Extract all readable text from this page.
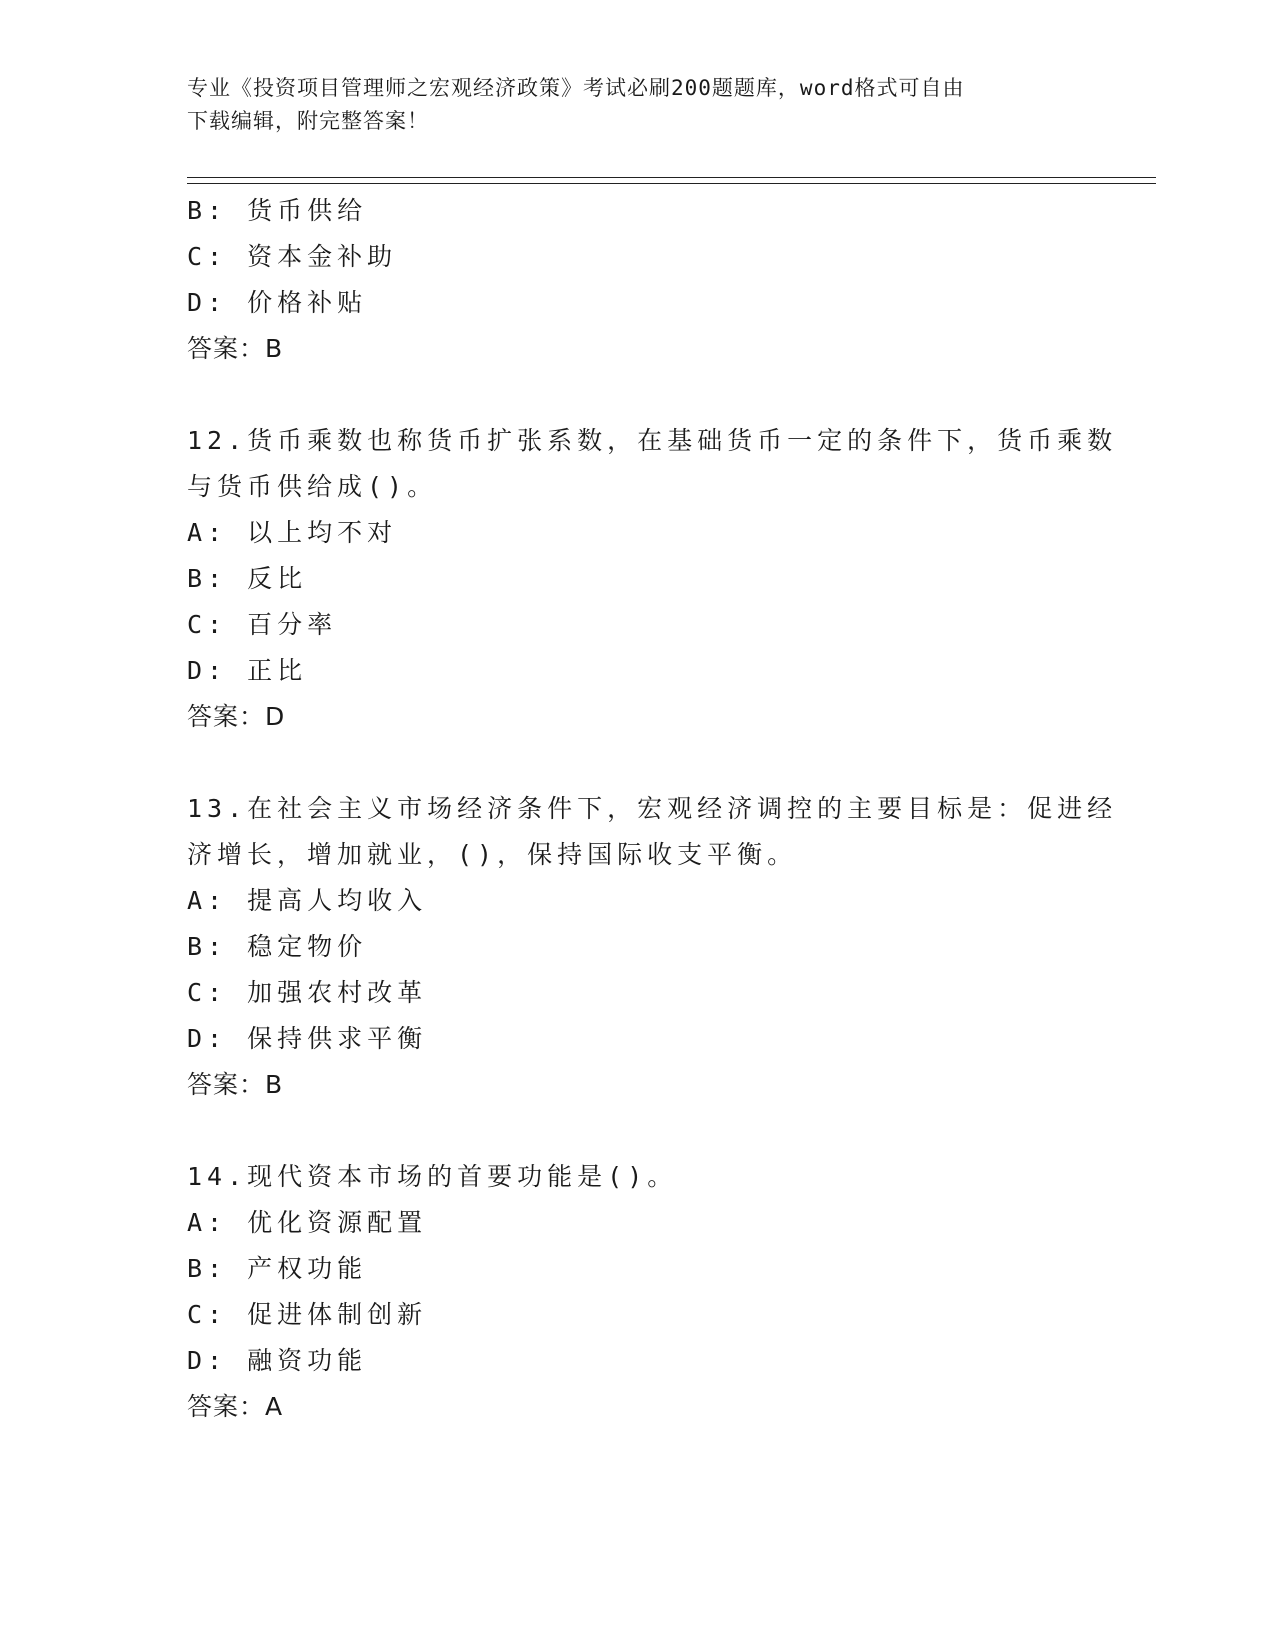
专业《投资项目管理师之宏观经济政策》考试必刷200题题库，word格式可自由
下载编辑，附完整答案！
B: 货币供给
C: 资本金补助
D: 价格补贴
答案：B
12.货币乘数也称货币扩张系数，在基础货币一定的条件下，货币乘数
与货币供给成()。
A: 以上均不对
B: 反比
C: 百分率
D: 正比
答案：D
13.在社会主义市场经济条件下，宏观经济调控的主要目标是：促进经
济增长，增加就业，()，保持国际收支平衡。
A: 提高人均收入
B: 稳定物价
C: 加强农村改革
D: 保持供求平衡
答案：B
14.现代资本市场的首要功能是()。
A: 优化资源配置
B: 产权功能
C: 促进体制创新
D: 融资功能
答案：A
